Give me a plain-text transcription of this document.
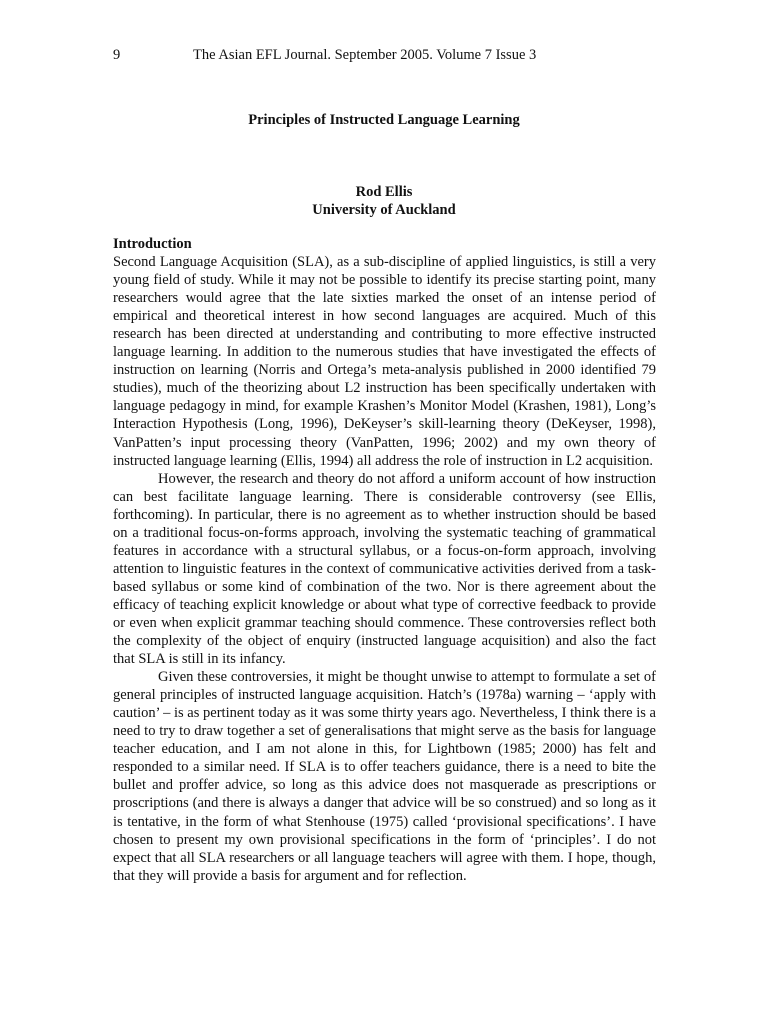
9	The Asian EFL Journal. September 2005. Volume 7 Issue 3
Principles of Instructed Language Learning
Rod Ellis
University of Auckland

Introduction

Second Language Acquisition (SLA), as a sub-discipline of applied linguistics, is still a very young field of study. While it may not be possible to identify its precise starting point, many researchers would agree that the late sixties marked the onset of an intense period of empirical and theoretical interest in how second languages are acquired. Much of this research has been directed at understanding and contributing to more effective instructed language learning. In addition to the numerous studies that have investigated the effects of instruction on learning (Norris and Ortega’s meta-analysis published in 2000 identified 79 studies), much of the theorizing about L2 instruction has been specifically undertaken with language pedagogy in mind, for example Krashen’s Monitor Model (Krashen, 1981), Long’s Interaction Hypothesis (Long, 1996), DeKeyser’s skill-learning theory (DeKeyser, 1998), VanPatten’s input processing theory (VanPatten, 1996; 2002) and my own theory of instructed language learning (Ellis, 1994) all address the role of instruction in L2 acquisition.

However, the research and theory do not afford a uniform account of how instruction can best facilitate language learning. There is considerable controversy (see Ellis, forthcoming). In particular, there is no agreement as to whether instruction should be based on a traditional focus-on-forms approach, involving the systematic teaching of grammatical features in accordance with a structural syllabus, or a focus-on-form approach, involving attention to linguistic features in the context of communicative activities derived from a task-based syllabus or some kind of combination of the two. Nor is there agreement about the efficacy of teaching explicit knowledge or about what type of corrective feedback to provide or even when explicit grammar teaching should commence. These controversies reflect both the complexity of the object of enquiry (instructed language acquisition) and also the fact that SLA is still in its infancy.

Given these controversies, it might be thought unwise to attempt to formulate a set of general principles of instructed language acquisition. Hatch’s (1978a) warning – ‘apply with caution’ – is as pertinent today as it was some thirty years ago. Nevertheless, I think there is a need to try to draw together a set of generalisations that might serve as the basis for language teacher education, and I am not alone in this, for Lightbown (1985; 2000) has felt and responded to a similar need. If SLA is to offer teachers guidance, there is a need to bite the bullet and proffer advice, so long as this advice does not masquerade as prescriptions or proscriptions (and there is always a danger that advice will be so construed) and so long as it is tentative, in the form of what Stenhouse (1975) called ‘provisional specifications’. I have chosen to present my own provisional specifications in the form of ‘principles’. I do not expect that all SLA researchers or all language teachers will agree with them. I hope, though, that they will provide a basis for argument and for reflection.
